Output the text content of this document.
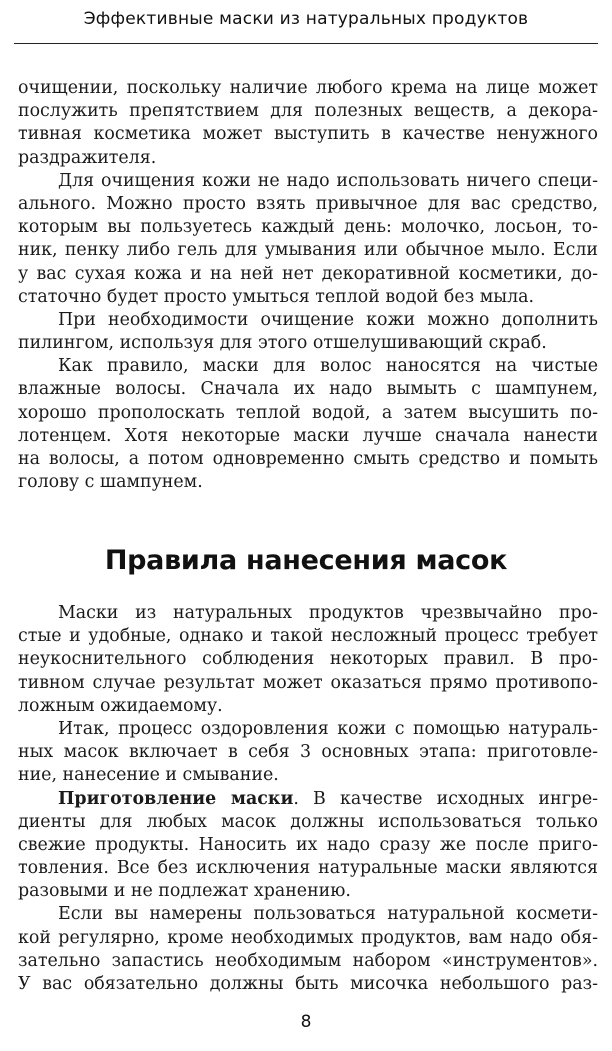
Эффективные маски из натуральных продуктов
очищении, поскольку наличие любого крема на лице может
послужить препятствием для полезных веществ, а декора-
тивная косметика может выступить в качестве ненужного
раздражителя.
Для очищения кожи не надо использовать ничего специ-
ального. Можно просто взять привычное для вас средство,
которым вы пользуетесь каждый день: молочко, лосьон, то-
ник, пенку либо гель для умывания или обычное мыло. Если
у вас сухая кожа и на ней нет декоративной косметики, до-
статочно будет просто умыться теплой водой без мыла.
При необходимости очищение кожи можно дополнить
пилингом, используя для этого отшелушивающий скраб.
Как правило, маски для волос наносятся на чистые
влажные волосы. Сначала их надо вымыть с шампунем,
хорошо прополоскать теплой водой, а затем высушить по-
лотенцем. Хотя некоторые маски лучше сначала нанести
на волосы, а потом одновременно смыть средство и помыть
голову с шампунем.
Правила нанесения масок
Маски из натуральных продуктов чрезвычайно про-
стые и удобные, однако и такой несложный процесс требует
неукоснительного соблюдения некоторых правил. В про-
тивном случае результат может оказаться прямо противопо-
ложным ожидаемому.
Итак, процесс оздоровления кожи с помощью натураль-
ных масок включает в себя 3 основных этапа: приготовле-
ние, нанесение и смывание.
Приготовление маски. В качестве исходных ингре-
диенты для любых масок должны использоваться только
свежие продукты. Наносить их надо сразу же после приго-
товления. Все без исключения натуральные маски являются
разовыми и не подлежат хранению.
Если вы намерены пользоваться натуральной космети-
кой регулярно, кроме необходимых продуктов, вам надо обя-
зательно запастись необходимым набором «инструментов».
У вас обязательно должны быть мисочка небольшого раз-
8
